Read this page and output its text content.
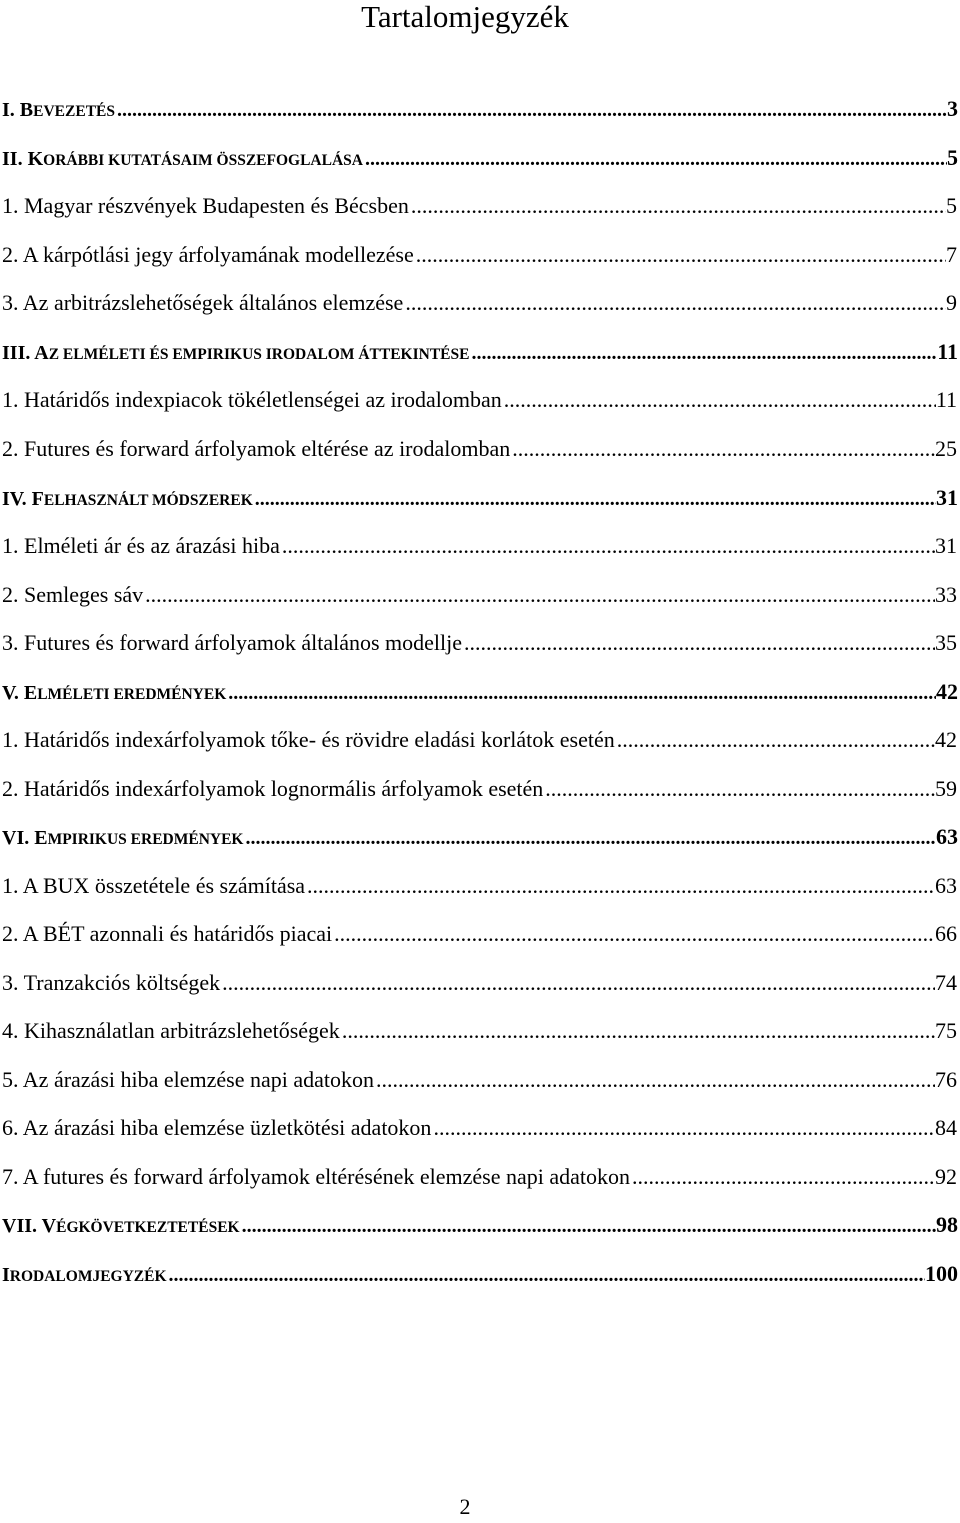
Tartalomjegyzék
I. BEVEZETÉS .....	3
II. KORÁBBI KUTATÁSAIM ÖSSZEFOGLALÁSA .....	5
1. Magyar részvények Budapesten és Bécsben .....	5
2. A kárpótlási jegy árfolyamának modellezése .....	7
3. Az arbitrázslehetőségek általános elemzése .....	9
III. AZ ELMÉLETI ÉS EMPIRIKUS IRODALOM ÁTTEKINTÉSE .....	11
1. Határidős indexpiacok tökéletlenségei az irodalomban .....	11
2. Futures és forward árfolyamok eltérése az irodalomban .....	25
IV. FELHASZNÁLT MÓDSZEREK .....	31
1. Elméleti ár és az árazási hiba .....	31
2. Semleges sáv .....	33
3. Futures és forward árfolyamok általános modellje .....	35
V. ELMÉLETI EREDMÉNYEK .....	42
1. Határidős indexárfolyamok tőke- és rövidre eladási korlátok esetén .....	42
2. Határidős indexárfolyamok lognormális árfolyamok esetén .....	59
VI. EMPIRIKUS EREDMÉNYEK .....	63
1. A BUX összetétele és számítása .....	63
2. A BÉT azonnali és határidős piacai .....	66
3. Tranzakciós költségek .....	74
4. Kihasználatlan arbitrázslehetőségek .....	75
5. Az árazási hiba elemzése napi adatokon .....	76
6. Az árazási hiba elemzése üzletkötési adatokon .....	84
7. A futures és forward árfolyamok eltérésének elemzése napi adatokon .....	92
VII. VÉGKÖVETKEZTETÉSEK .....	98
IRODALOMJEGYZÉK .....	100
2
